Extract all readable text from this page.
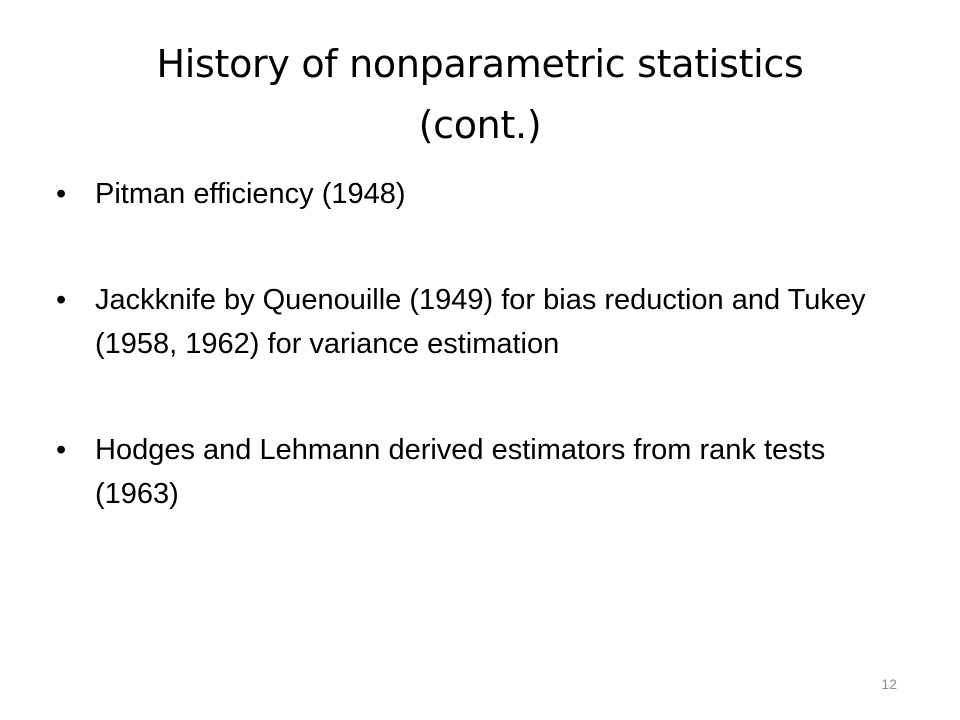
History of nonparametric statistics
(cont.)
• Pitman efficiency (1948)
• Jackknife by Quenouille (1949) for bias reduction and Tukey (1958, 1962) for variance estimation
• Hodges and Lehmann derived estimators from rank tests (1963)
12
